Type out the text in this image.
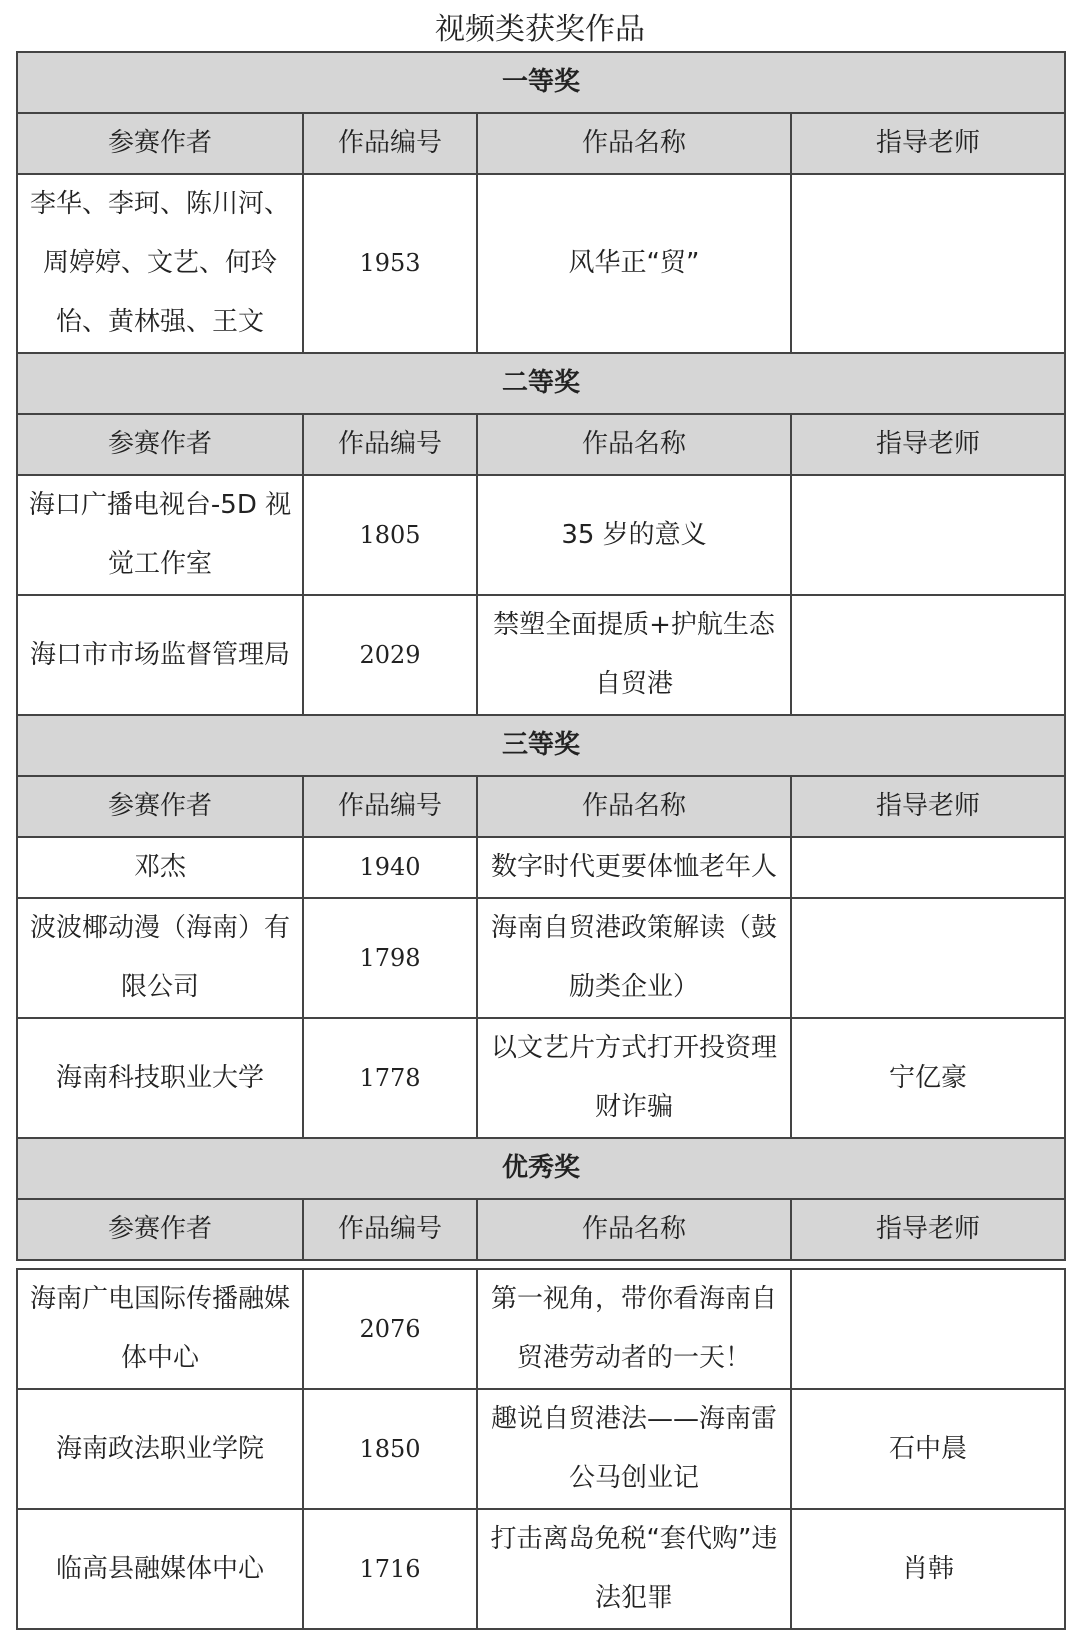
视频类获奖作品
一等奖			
参赛作者	作品编号	作品名称	指导老师
李华、李珂、陈川河、周婷婷、文艺、何玲怡、黄林强、王文	1953	风华正“贸”	
二等奖			
参赛作者	作品编号	作品名称	指导老师
海口广播电视台-5D 视觉工作室	1805	35 岁的意义	
海口市市场监督管理局	2029	禁塑全面提质+护航生态自贸港	
三等奖			
参赛作者	作品编号	作品名称	指导老师
邓杰	1940	数字时代更要体恤老年人	
波波椰动漫（海南）有限公司	1798	海南自贸港政策解读（鼓励类企业）	
海南科技职业大学	1778	以文艺片方式打开投资理财诈骗	宁亿豪
优秀奖			
参赛作者	作品编号	作品名称	指导老师
海南广电国际传播融媒体中心	2076	第一视角，带你看海南自贸港劳动者的一天！	
海南政法职业学院	1850	趣说自贸港法——海南雷公马创业记	石中晨
临高县融媒体中心	1716	打击离岛免税“套代购”违法犯罪	肖韩
